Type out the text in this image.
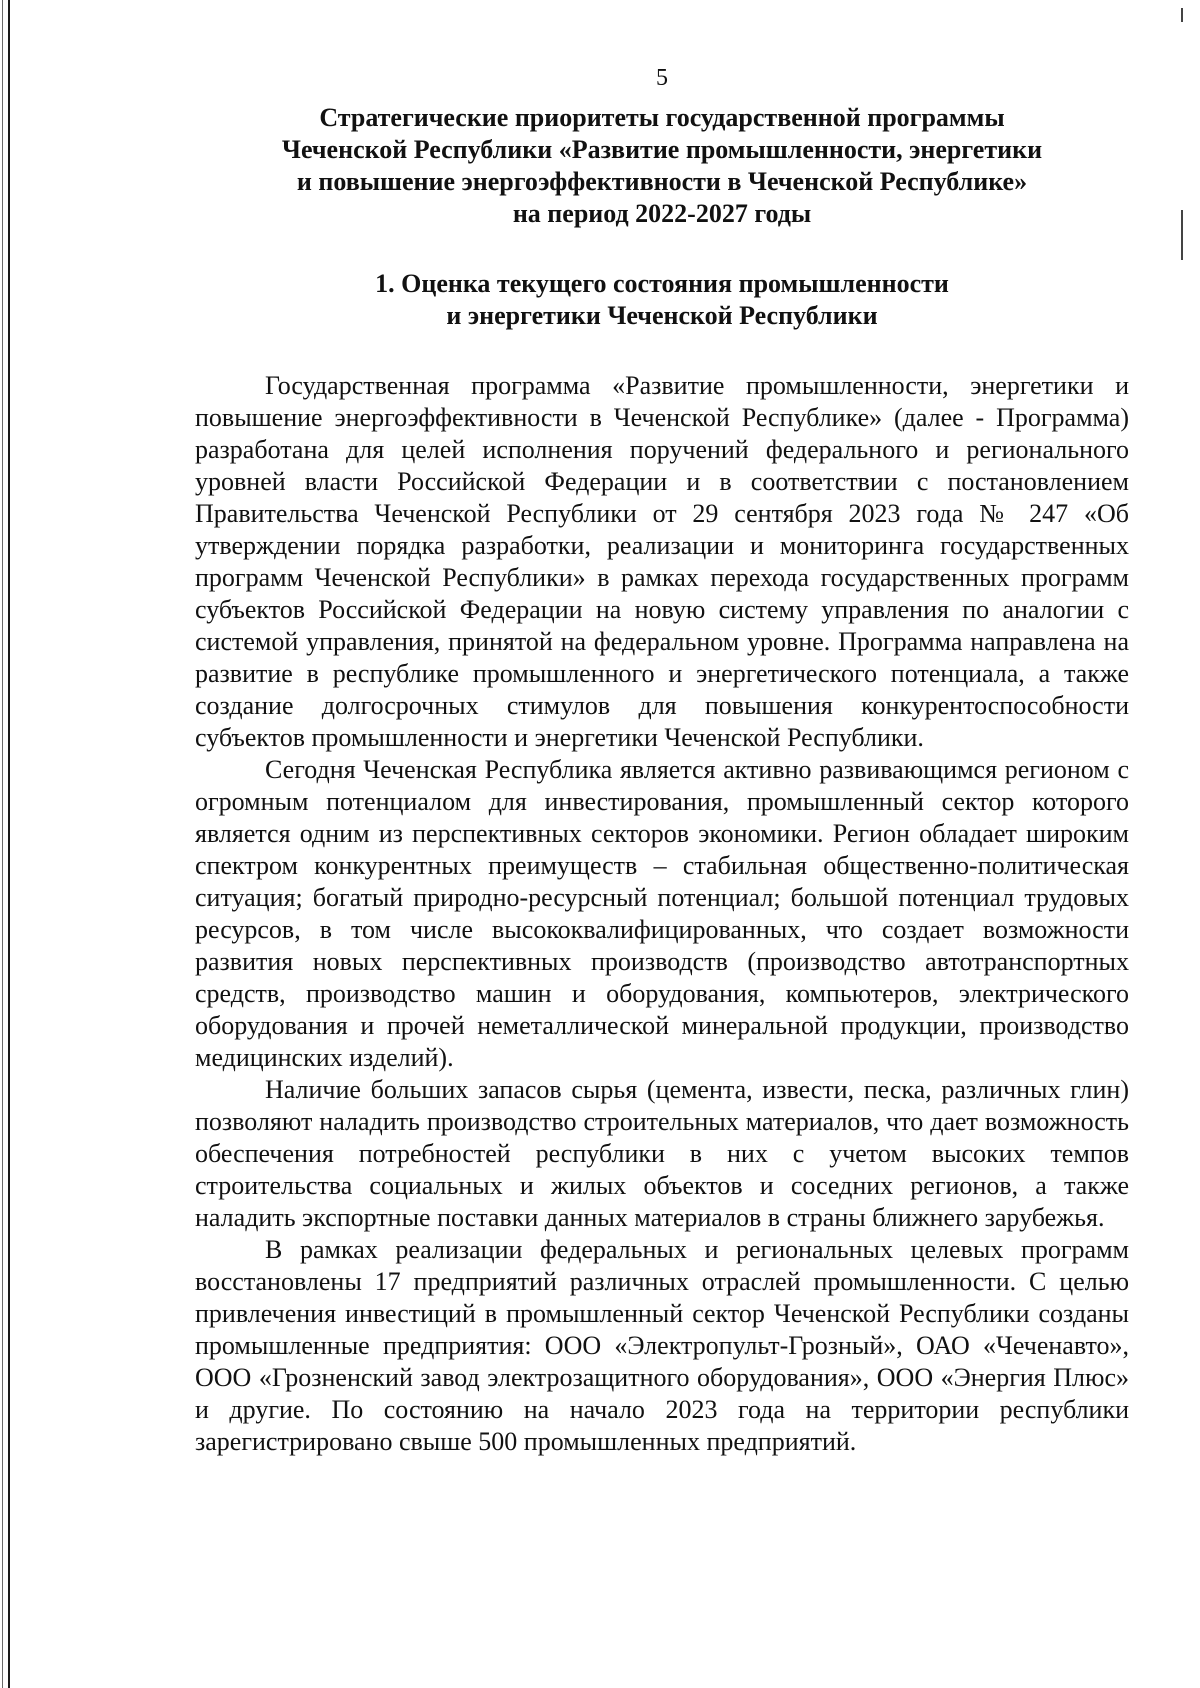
5
Стратегические приоритеты государственной программы
Чеченской Республики «Развитие промышленности, энергетики
и повышение энергоэффективности в Чеченской Республике»
на период 2022-2027 годы
1. Оценка текущего состояния промышленности
и энергетики Чеченской Республики

Государственная программа «Развитие промышленности, энергетики и повышение энергоэффективности в Чеченской Республике» (далее - Программа) разработана для целей исполнения поручений федерального и регионального уровней власти Российской Федерации и в соответствии с постановлением Правительства Чеченской Республики от 29 сентября 2023 года № 247 «Об утверждении порядка разработки, реализации и мониторинга государственных программ Чеченской Республики» в рамках перехода государственных программ субъектов Российской Федерации на новую систему управления по аналогии с системой управления, принятой на федеральном уровне. Программа направлена на развитие в республике промышленного и энергетического потенциала, а также создание долгосрочных стимулов для повышения конкурентоспособности субъектов промышленности и энергетики Чеченской Республики.

Сегодня Чеченская Республика является активно развивающимся регионом с огромным потенциалом для инвестирования, промышленный сектор которого является одним из перспективных секторов экономики. Регион обладает широким спектром конкурентных преимуществ – стабильная общественно-политическая ситуация; богатый природно-ресурсный потенциал; большой потенциал трудовых ресурсов, в том числе высококвалифицированных, что создает возможности развития новых перспективных производств (производство автотранспортных средств, производство машин и оборудования, компьютеров, электрического оборудования и прочей неметаллической минеральной продукции, производство медицинских изделий).

Наличие больших запасов сырья (цемента, извести, песка, различных глин) позволяют наладить производство строительных материалов, что дает возможность обеспечения потребностей республики в них с учетом высоких темпов строительства социальных и жилых объектов и соседних регионов, а также наладить экспортные поставки данных материалов в страны ближнего зарубежья.

В рамках реализации федеральных и региональных целевых программ восстановлены 17 предприятий различных отраслей промышленности. С целью привлечения инвестиций в промышленный сектор Чеченской Республики созданы промышленные предприятия: ООО «Электропульт-Грозный», ОАО «Чеченавто», ООО «Грозненский завод электрозащитного оборудования», ООО «Энергия Плюс» и другие. По состоянию на начало 2023 года на территории республики зарегистрировано свыше 500 промышленных предприятий.
